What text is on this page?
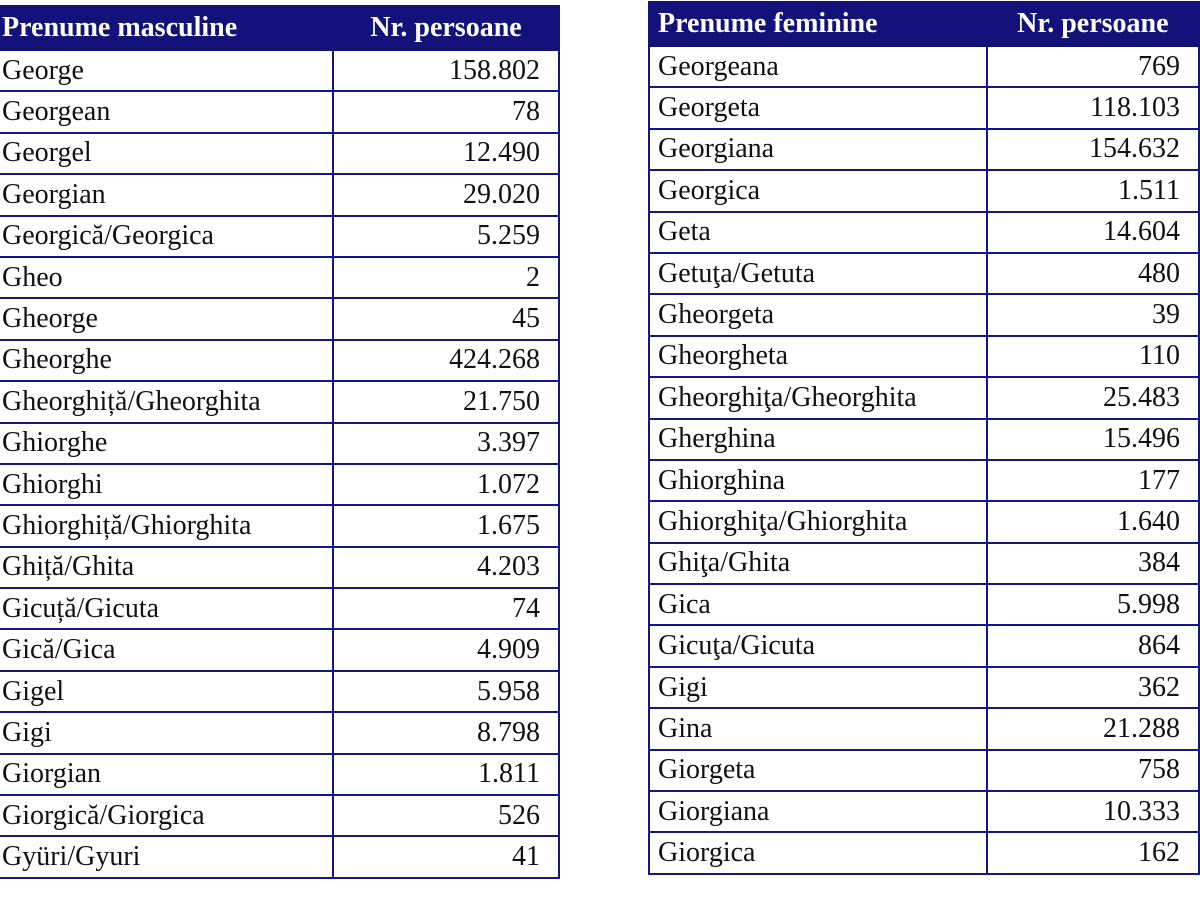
Prenume masculine	Nr. persoane
George	158.802
Georgean	78
Georgel	12.490
Georgian	29.020
Georgică/Georgica	5.259
Gheo	2
Gheorge	45
Gheorghe	424.268
Gheorghiță/Gheorghita	21.750
Ghiorghe	3.397
Ghiorghi	1.072
Ghiorghiță/Ghiorghita	1.675
Ghiță/Ghita	4.203
Gicuță/Gicuta	74
Gică/Gica	4.909
Gigel	5.958
Gigi	8.798
Giorgian	1.811
Giorgică/Giorgica	526
Gyüri/Gyuri	41
Prenume feminine	Nr. persoane
Georgeana	769
Georgeta	118.103
Georgiana	154.632
Georgica	1.511
Geta	14.604
Getuţa/Getuta	480
Gheorgeta	39
Gheorgheta	110
Gheorghiţa/Gheorghita	25.483
Gherghina	15.496
Ghiorghina	177
Ghiorghiţa/Ghiorghita	1.640
Ghiţa/Ghita	384
Gica	5.998
Gicuţa/Gicuta	864
Gigi	362
Gina	21.288
Giorgeta	758
Giorgiana	10.333
Giorgica	162
